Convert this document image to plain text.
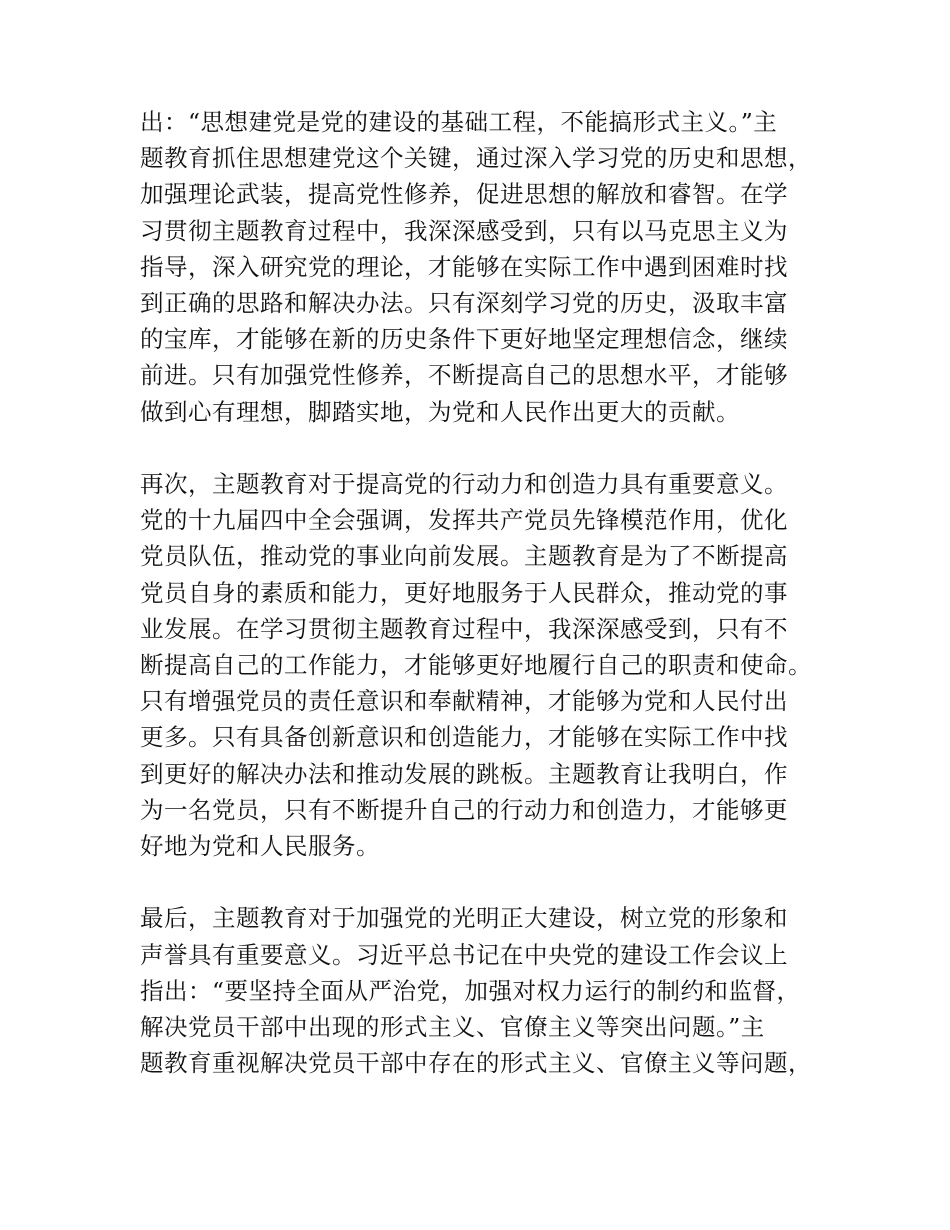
出：“思想建党是党的建设的基础工程，不能搞形式主义。”主
题教育抓住思想建党这个关键，通过深入学习党的历史和思想，
加强理论武装，提高党性修养，促进思想的解放和睿智。在学
习贯彻主题教育过程中，我深深感受到，只有以马克思主义为
指导，深入研究党的理论，才能够在实际工作中遇到困难时找
到正确的思路和解决办法。只有深刻学习党的历史，汲取丰富
的宝库，才能够在新的历史条件下更好地坚定理想信念，继续
前进。只有加强党性修养，不断提高自己的思想水平，才能够
做到心有理想，脚踏实地，为党和人民作出更大的贡献。
再次，主题教育对于提高党的行动力和创造力具有重要意义。
党的十九届四中全会强调，发挥共产党员先锋模范作用，优化
党员队伍，推动党的事业向前发展。主题教育是为了不断提高
党员自身的素质和能力，更好地服务于人民群众，推动党的事
业发展。在学习贯彻主题教育过程中，我深深感受到，只有不
断提高自己的工作能力，才能够更好地履行自己的职责和使命。
只有增强党员的责任意识和奉献精神，才能够为党和人民付出
更多。只有具备创新意识和创造能力，才能够在实际工作中找
到更好的解决办法和推动发展的跳板。主题教育让我明白，作
为一名党员，只有不断提升自己的行动力和创造力，才能够更
好地为党和人民服务。
最后，主题教育对于加强党的光明正大建设，树立党的形象和
声誉具有重要意义。习近平总书记在中央党的建设工作会议上
指出：“要坚持全面从严治党，加强对权力运行的制约和监督，
解决党员干部中出现的形式主义、官僚主义等突出问题。”主
题教育重视解决党员干部中存在的形式主义、官僚主义等问题，
